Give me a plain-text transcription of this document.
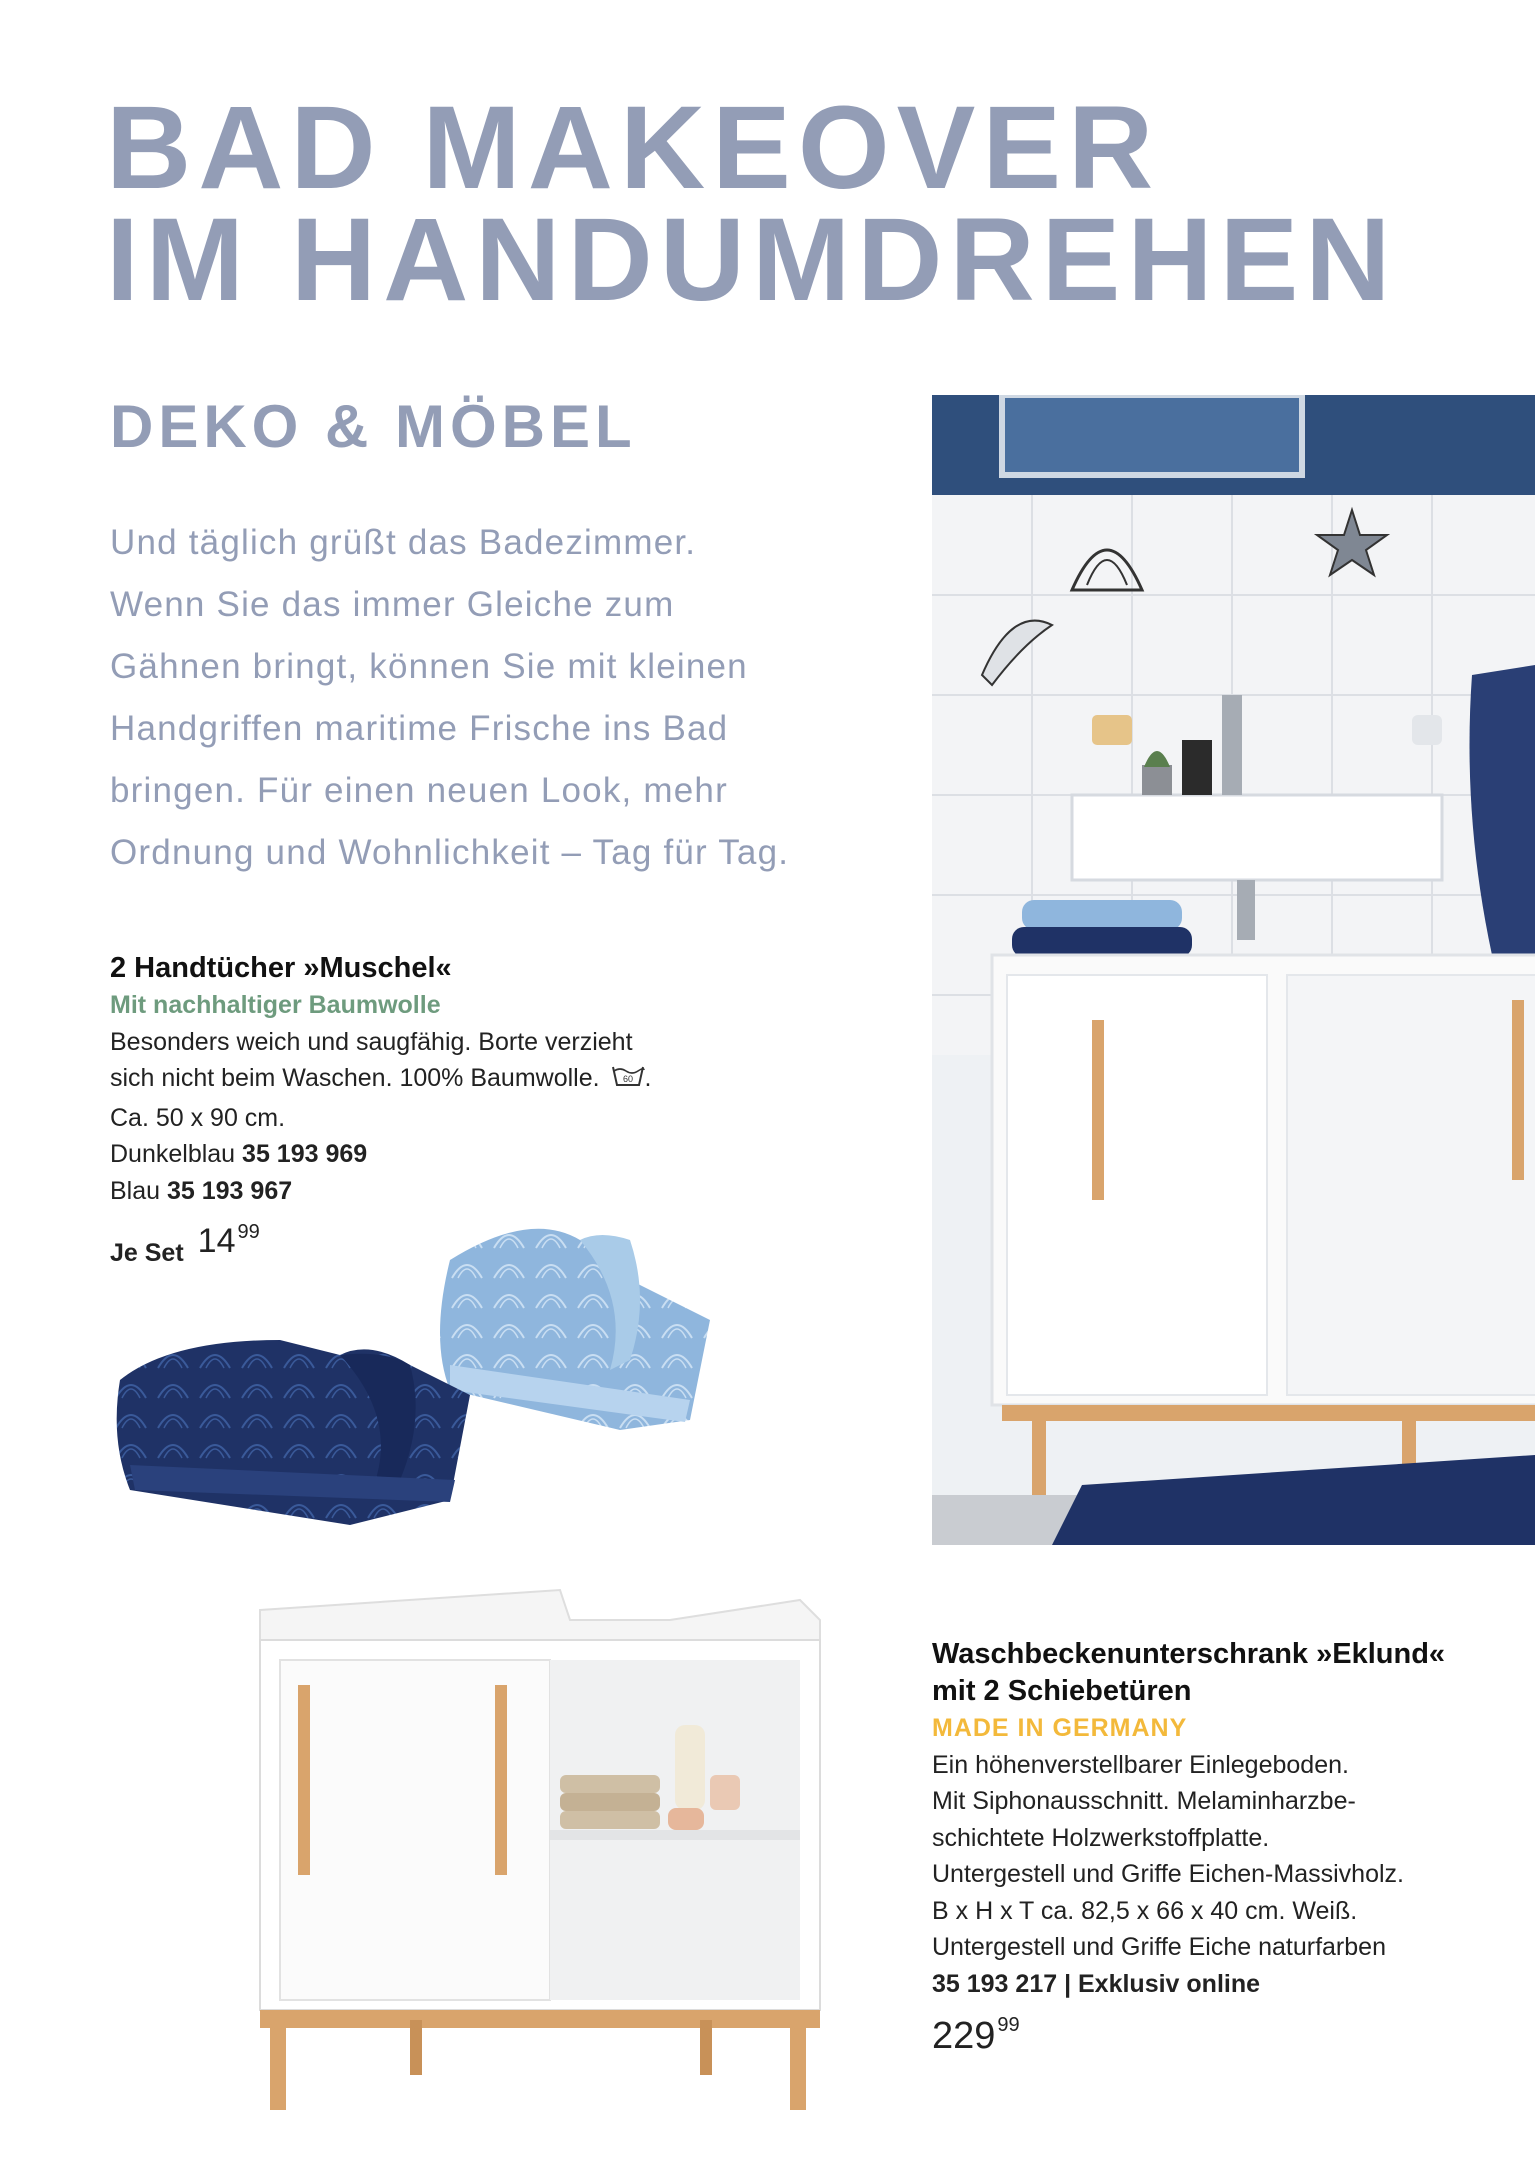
BAD MAKEOVER
IM HANDUMDREHEN
DEKO & MÖBEL
Und täglich grüßt das Badezimmer.
Wenn Sie das immer Gleiche zum
Gähnen bringt, können Sie mit kleinen
Handgriffen maritime Frische ins Bad
bringen. Für einen neuen Look, mehr
Ordnung und Wohnlichkeit – Tag für Tag.

2 Handtücher »Muschel«

Mit nachhaltiger Baumwolle

Besonders weich und saugfähig. Borte verzieht

sich nicht beim Waschen. 100% Baumwolle.	60 .

Ca. 50 x 90 cm.

Dunkelblau 35 193 969

Blau 35 193 967

Je Set 14 99

Waschbeckenunterschrank »Eklund«

mit 2 Schiebetüren

MADE IN GERMANY

Ein höhenverstellbarer Einlegeboden.

Mit Siphonausschnitt. Melaminharzbe-

schichtete Holzwerkstoffplatte.

Untergestell und Griffe Eichen-Massivholz.

B x H x T ca. 82,5 x 66 x 40 cm. Weiß.

Untergestell und Griffe Eiche naturfarben

35 193 217 | Exklusiv online

229 99
